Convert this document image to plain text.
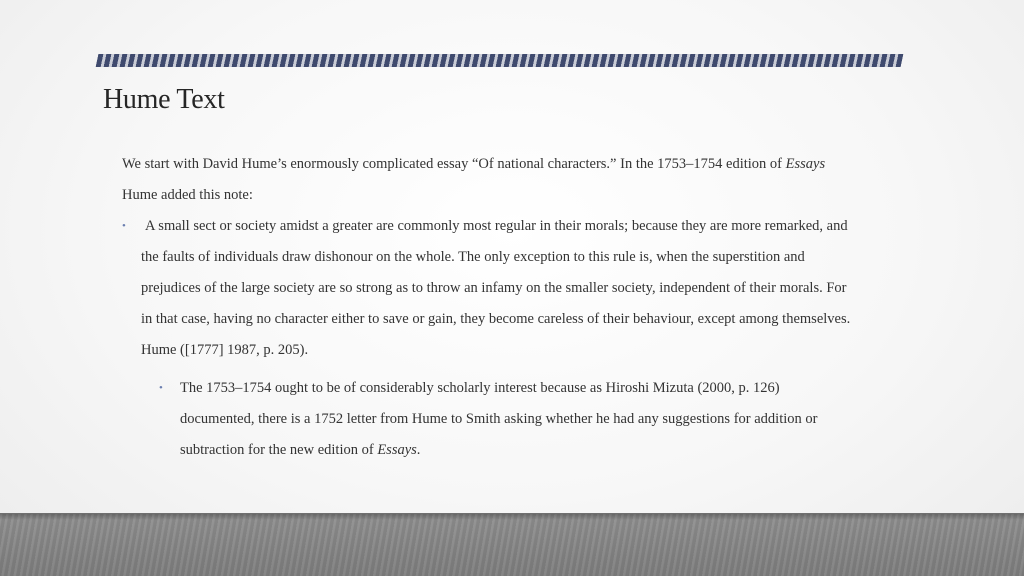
Hume Text
We start with David Hume’s enormously complicated essay “Of national characters.” In the 1753–1754 edition of Essays
Hume added this note:
• A small sect or society amidst a greater are commonly most regular in their morals; because they are more remarked, and
the faults of individuals draw dishonour on the whole. The only exception to this rule is, when the superstition and
prejudices of the large society are so strong as to throw an infamy on the smaller society, independent of their morals. For
in that case, having no character either to save or gain, they become careless of their behaviour, except among themselves.
Hume ([1777] 1987, p. 205).
• The 1753–1754 ought to be of considerably scholarly interest because as Hiroshi Mizuta (2000, p. 126)
documented, there is a 1752 letter from Hume to Smith asking whether he had any suggestions for addition or
subtraction for the new edition of Essays.
